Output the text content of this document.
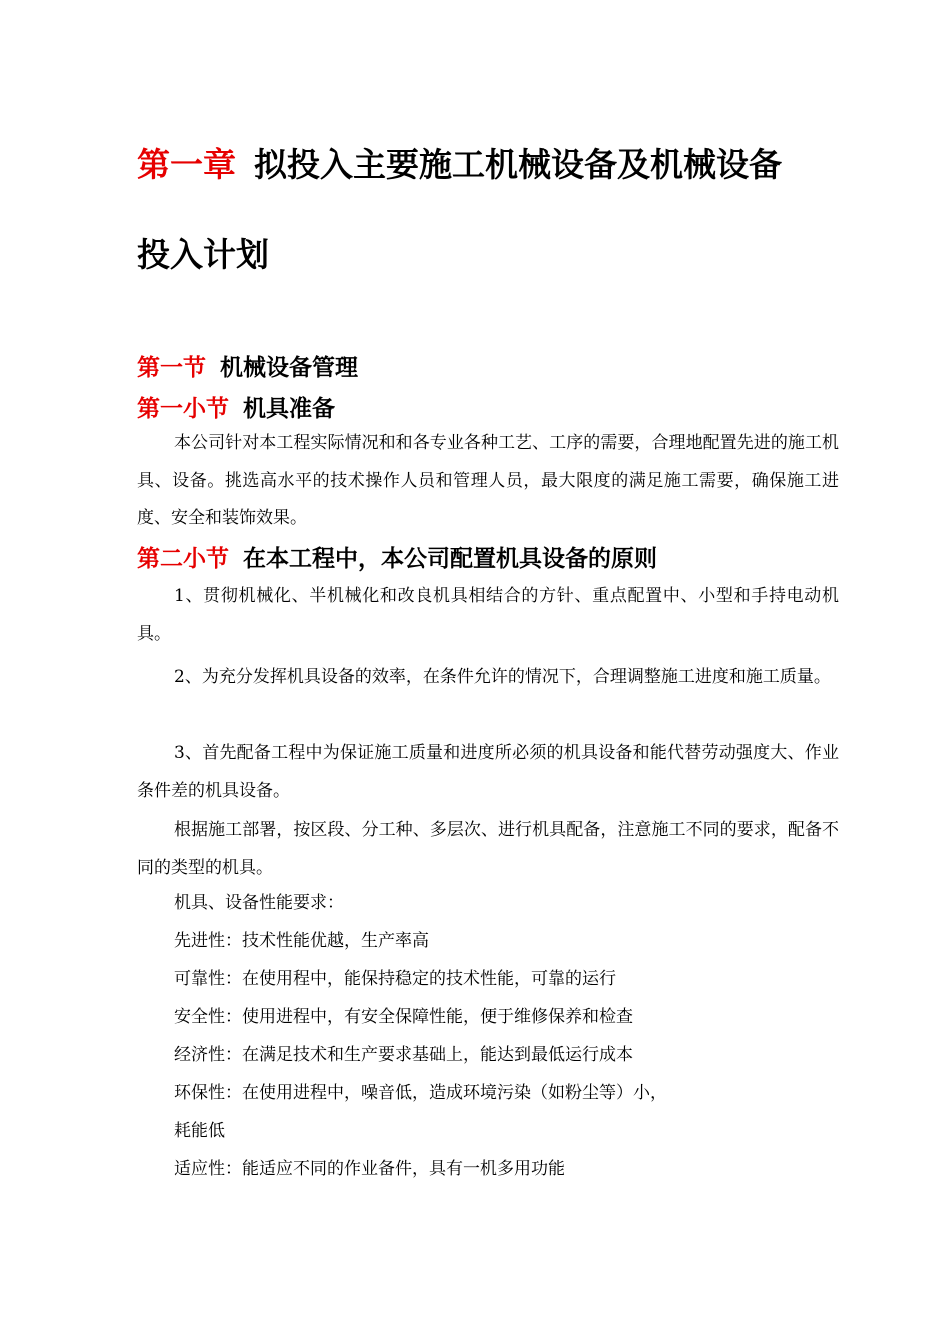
第一章 拟投入主要施工机械设备及机械设备
投入计划
第一节 机械设备管理
第一小节 机具准备

本公司针对本工程实际情况和和各专业各种工艺、工序的需要，合理地配置先进的施工机具、设备。挑选高水平的技术操作人员和管理人员，最大限度的满足施工需要，确保施工进度、安全和装饰效果。

第二小节 在本工程中，本公司配置机具设备的原则

1、贯彻机械化、半机械化和改良机具相结合的方针、重点配置中、小型和手持电动机具。

2、为充分发挥机具设备的效率，在条件允许的情况下，合理调整施工进度和施工质量。

3、首先配备工程中为保证施工质量和进度所必须的机具设备和能代替劳动强度大、作业条件差的机具设备。

根据施工部署，按区段、分工种、多层次、进行机具配备，注意施工不同的要求，配备不同的类型的机具。

机具、设备性能要求：
先进性：技术性能优越，生产率高
可靠性：在使用程中，能保持稳定的技术性能，可靠的运行
安全性：使用进程中，有安全保障性能，便于维修保养和检查
经济性：在满足技术和生产要求基础上，能达到最低运行成本
环保性：在使用进程中，噪音低，造成环境污染（如粉尘等）小，
耗能低
适应性：能适应不同的作业备件，具有一机多用功能
